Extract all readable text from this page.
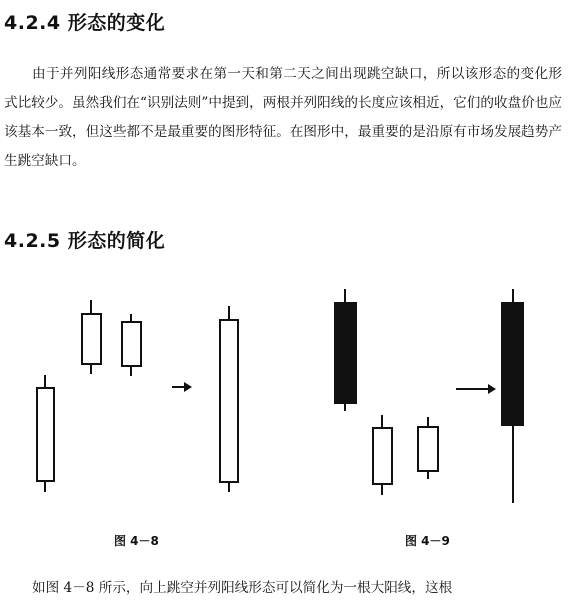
4.2.4 形态的变化

由于并列阳线形态通常要求在第一天和第二天之间出现跳空缺口，所以该形态的变化形式比较少。虽然我们在“识别法则”中提到，两根并列阳线的长度应该相近，它们的收盘价也应该基本一致，但这些都不是最重要的图形特征。在图形中，最重要的是沿原有市场发展趋势产生跳空缺口。

4.2.5 形态的简化
图 4－8	图 4－9

如图 4－8 所示，向上跳空并列阳线形态可以简化为一根大阳线，这根
